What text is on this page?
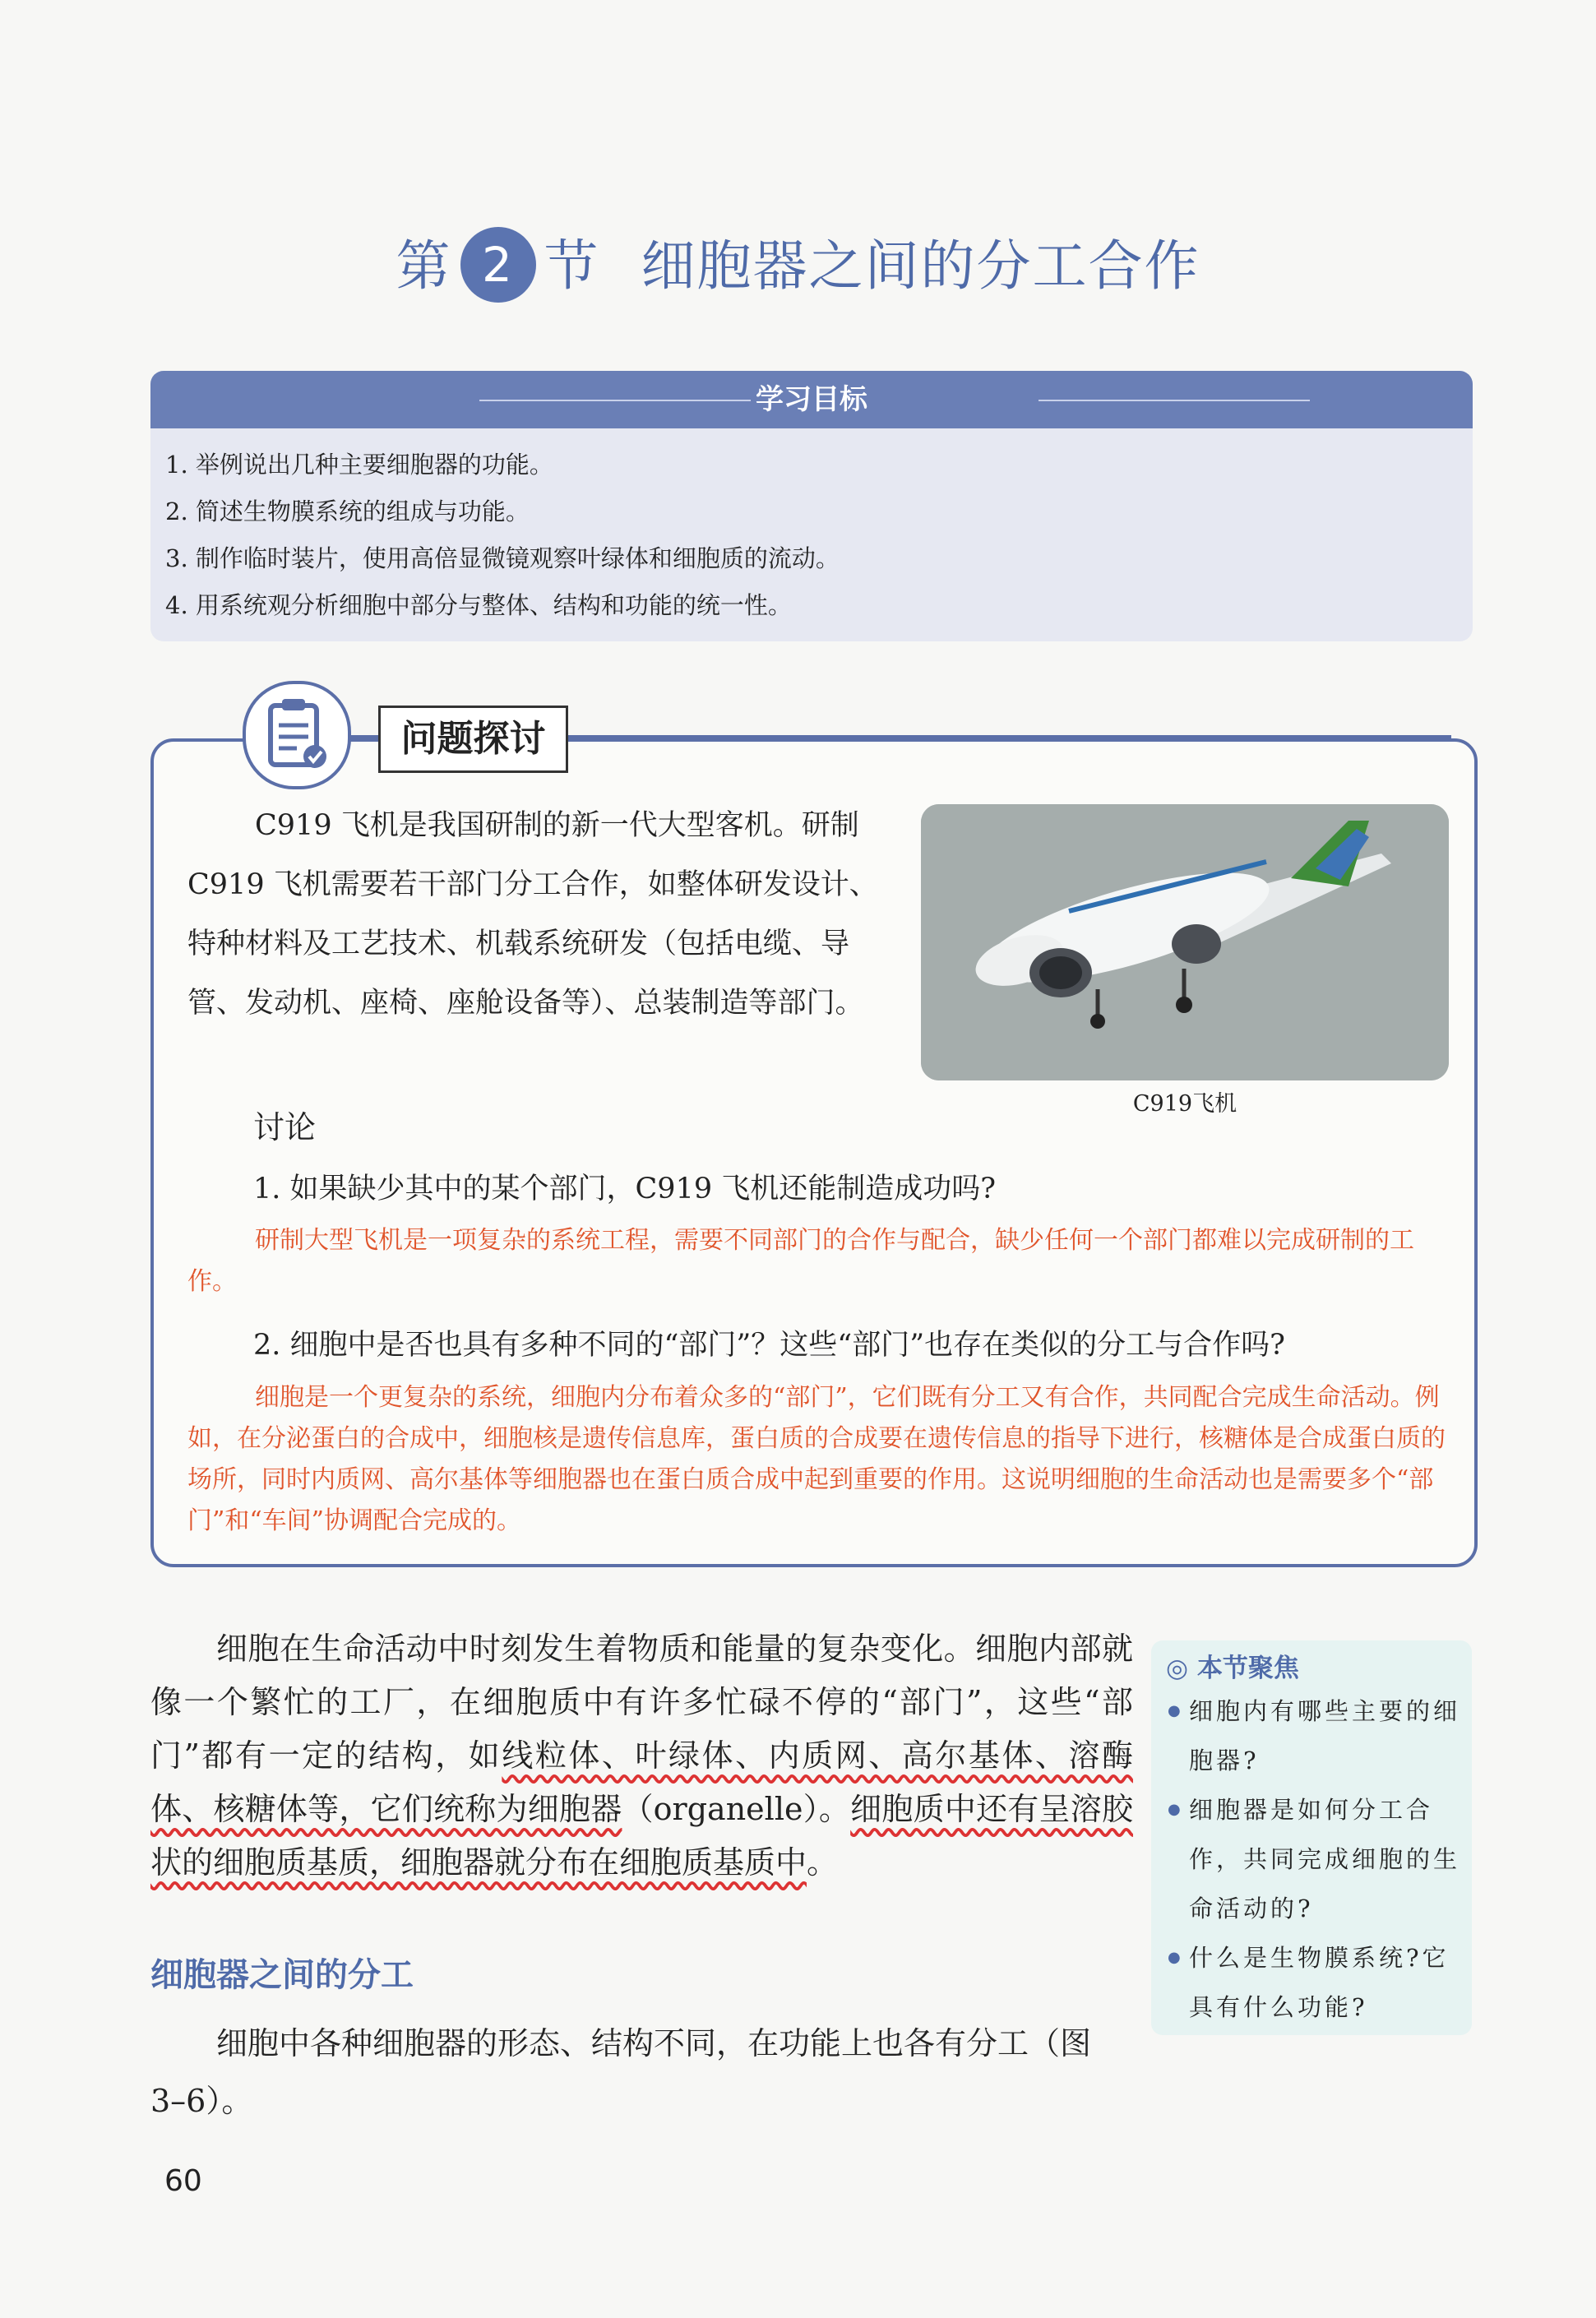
第 2 节 细胞器之间的分工合作
学习目标
1. 举例说出几种主要细胞器的功能。
2. 简述生物膜系统的组成与功能。
3. 制作临时装片，使用高倍显微镜观察叶绿体和细胞质的流动。
4. 用系统观分析细胞中部分与整体、结构和功能的统一性。
问题探讨

C919 飞机是我国研制的新一代大型客机。研制 C919 飞机需要若干部门分工合作，如整体研发设计、特种材料及工艺技术、机载系统研发（包括电缆、导管、发动机、座椅、座舱设备等）、总装制造等部门。

C919飞机
讨论
1. 如果缺少其中的某个部门，C919 飞机还能制造成功吗?

研制大型飞机是一项复杂的系统工程，需要不同部门的合作与配合，缺少任何一个部门都难以完成研制的工作。

2. 细胞中是否也具有多种不同的“部门”？这些“部门”也存在类似的分工与合作吗?

细胞是一个更复杂的系统，细胞内分布着众多的“部门”，它们既有分工又有合作，共同配合完成生命活动。例如，在分泌蛋白的合成中，细胞核是遗传信息库，蛋白质的合成要在遗传信息的指导下进行，核糖体是合成蛋白质的场所，同时内质网、高尔基体等细胞器也在蛋白质合成中起到重要的作用。这说明细胞的生命活动也是需要多个“部门”和“车间”协调配合完成的。

细胞在生命活动中时刻发生着物质和能量的复杂变化。细胞内部就像一个繁忙的工厂，在细胞质中有许多忙碌不停的“部门”，这些“部门”都有一定的结构，如线粒体、叶绿体、内质网、高尔基体、溶酶体、核糖体等，它们统称为细胞器（organelle）。细胞质中还有呈溶胶状的细胞质基质，细胞器就分布在细胞质基质中。

细胞器之间的分工

细胞中各种细胞器的形态、结构不同，在功能上也各有分工（图 3–6）。

◎ 本节聚焦
● 细胞内有哪些主要的细胞器?
● 细胞器是如何分工合作，共同完成细胞的生命活动的?
● 什么是生物膜系统?它具有什么功能?
60
